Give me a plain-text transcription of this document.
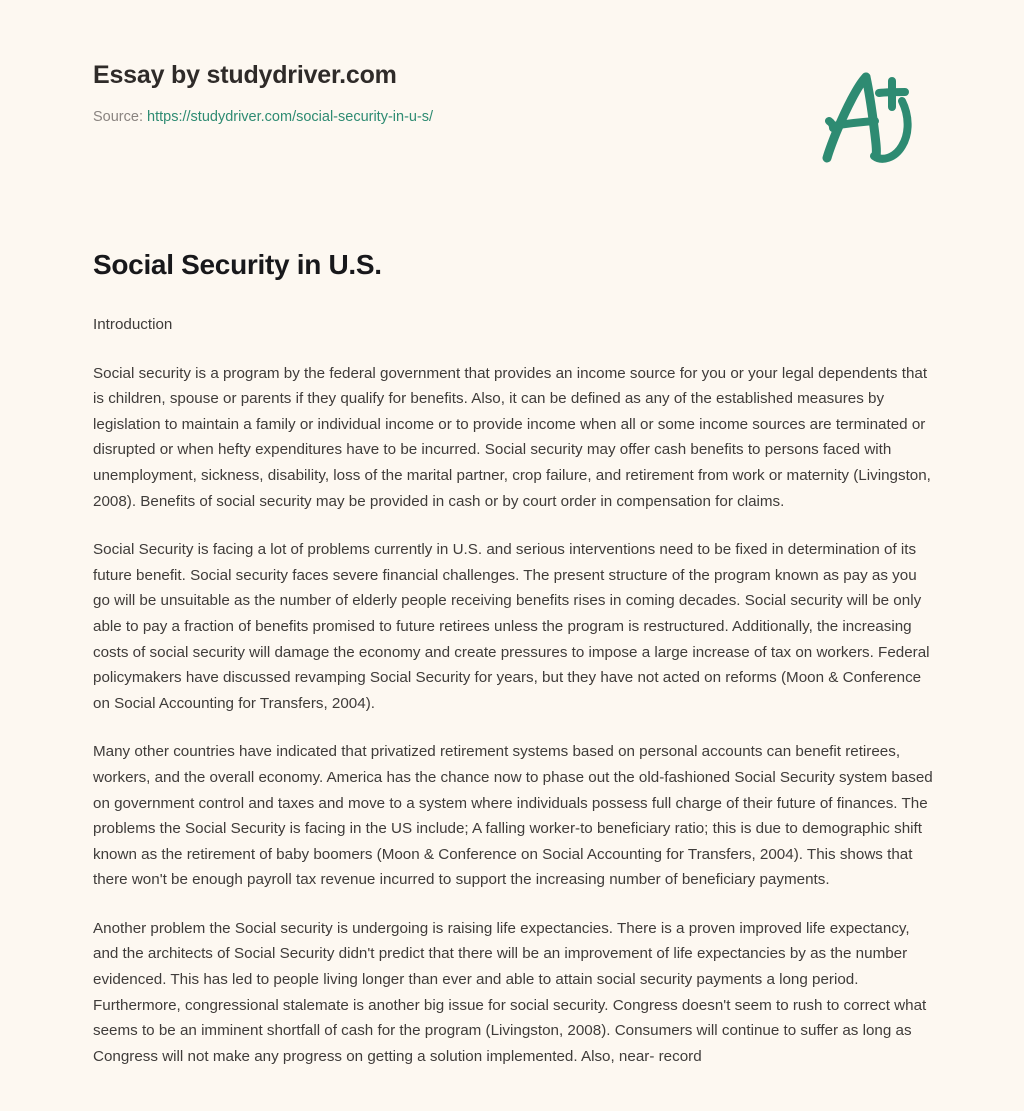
Essay by studydriver.com
Source: https://studydriver.com/social-security-in-u-s/
Social Security in U.S.

Introduction

Social security is a program by the federal government that provides an income source for you or your legal dependents that is children, spouse or parents if they qualify for benefits. Also, it can be defined as any of the established measures by legislation to maintain a family or individual income or to provide income when all or some income sources are terminated or disrupted or when hefty expenditures have to be incurred. Social security may offer cash benefits to persons faced with unemployment, sickness, disability, loss of the marital partner, crop failure, and retirement from work or maternity (Livingston, 2008). Benefits of social security may be provided in cash or by court order in compensation for claims.

Social Security is facing a lot of problems currently in U.S. and serious interventions need to be fixed in determination of its future benefit. Social security faces severe financial challenges. The present structure of the program known as pay as you go will be unsuitable as the number of elderly people receiving benefits rises in coming decades. Social security will be only able to pay a fraction of benefits promised to future retirees unless the program is restructured. Additionally, the increasing costs of social security will damage the economy and create pressures to impose a large increase of tax on workers. Federal policymakers have discussed revamping Social Security for years, but they have not acted on reforms (Moon & Conference on Social Accounting for Transfers, 2004).

Many other countries have indicated that privatized retirement systems based on personal accounts can benefit retirees, workers, and the overall economy. America has the chance now to phase out the old-fashioned Social Security system based on government control and taxes and move to a system where individuals possess full charge of their future of finances. The problems the Social Security is facing in the US include; A falling worker-to beneficiary ratio; this is due to demographic shift known as the retirement of baby boomers (Moon & Conference on Social Accounting for Transfers, 2004). This shows that there won't be enough payroll tax revenue incurred to support the increasing number of beneficiary payments.

Another problem the Social security is undergoing is raising life expectancies. There is a proven improved life expectancy, and the architects of Social Security didn't predict that there will be an improvement of life expectancies by as the number evidenced. This has led to people living longer than ever and able to attain social security payments a long period. Furthermore, congressional stalemate is another big issue for social security. Congress doesn't seem to rush to correct what seems to be an imminent shortfall of cash for the program (Livingston, 2008). Consumers will continue to suffer as long as Congress will not make any progress on getting a solution implemented. Also, near- record
